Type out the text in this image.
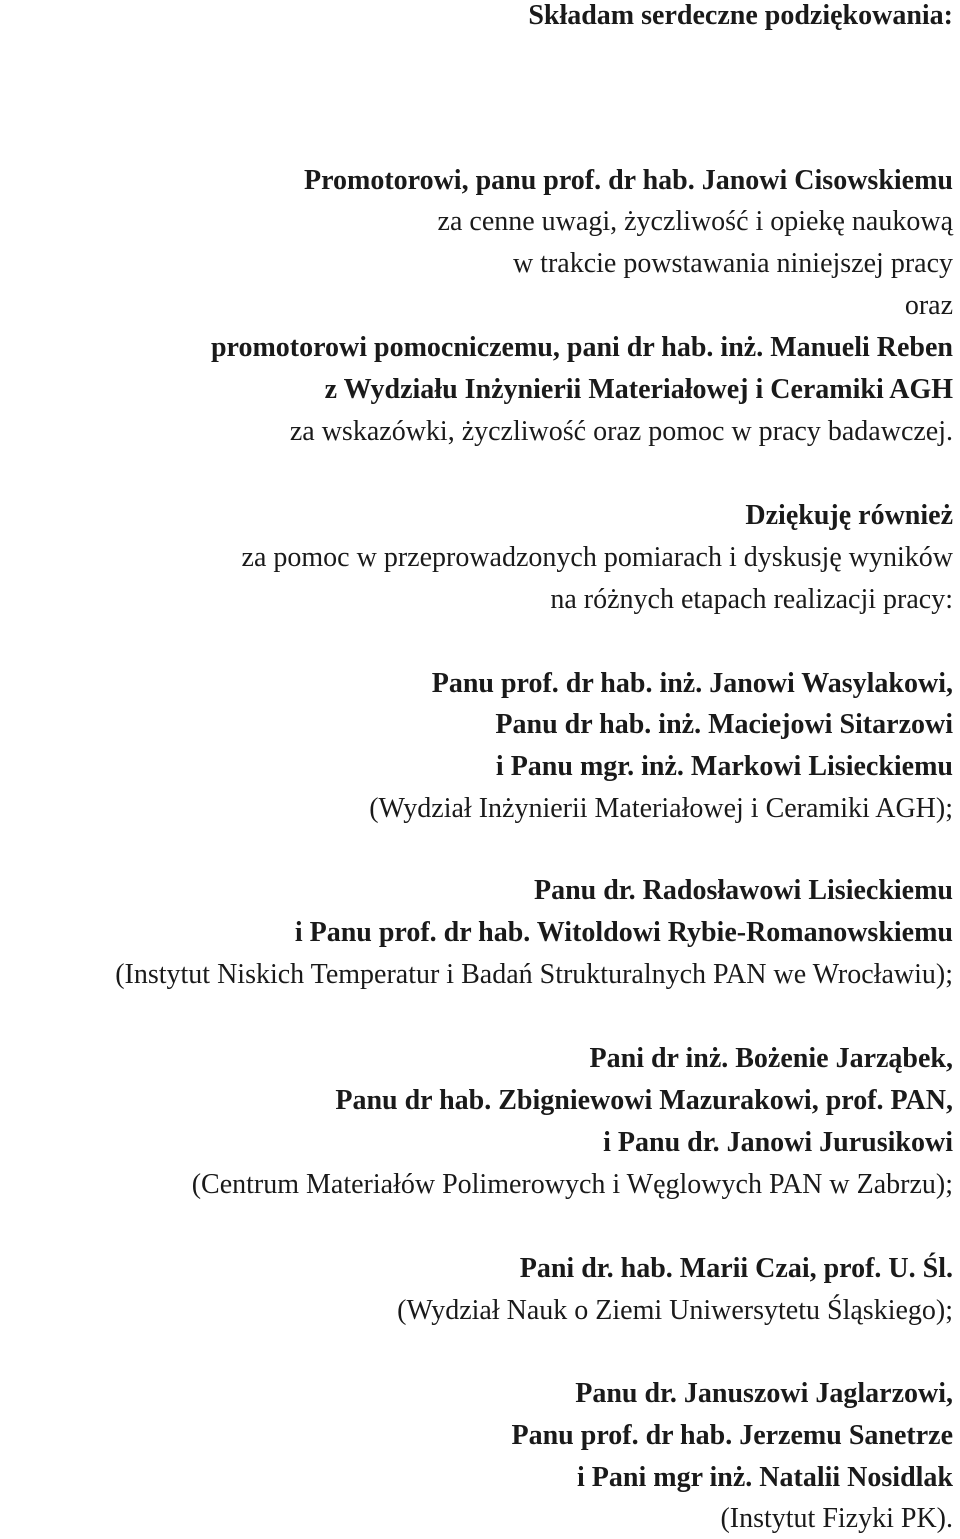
Składam serdeczne podziękowania:
Promotorowi, panu prof. dr hab. Janowi Cisowskiemu
za cenne uwagi, życzliwość i opiekę naukową
w trakcie powstawania niniejszej pracy
oraz
promotorowi pomocniczemu, pani dr hab. inż. Manueli Reben
z Wydziału Inżynierii Materiałowej i Ceramiki AGH
za wskazówki, życzliwość oraz pomoc w pracy badawczej.
Dziękuję również
za pomoc w przeprowadzonych pomiarach i dyskusję wyników
na różnych etapach realizacji pracy:
Panu prof. dr hab. inż. Janowi Wasylakowi,
Panu dr hab. inż. Maciejowi Sitarzowi
i Panu mgr. inż. Markowi Lisieckiemu
(Wydział Inżynierii Materiałowej i Ceramiki AGH);
Panu dr. Radosławowi Lisieckiemu
i Panu prof. dr hab. Witoldowi Rybie-Romanowskiemu
(Instytut Niskich Temperatur i Badań Strukturalnych PAN we Wrocławiu);
Pani dr inż. Bożenie Jarząbek,
Panu dr hab. Zbigniewowi Mazurakowi, prof. PAN,
i Panu dr. Janowi Jurusikowi
(Centrum Materiałów Polimerowych i Węglowych PAN w Zabrzu);
Pani dr. hab. Marii Czai, prof. U. Śl.
(Wydział Nauk o Ziemi Uniwersytetu Śląskiego);
Panu dr. Januszowi Jaglarzowi,
Panu prof. dr hab. Jerzemu Sanetrze
i Pani mgr inż. Natalii Nosidlak
(Instytut Fizyki PK).
